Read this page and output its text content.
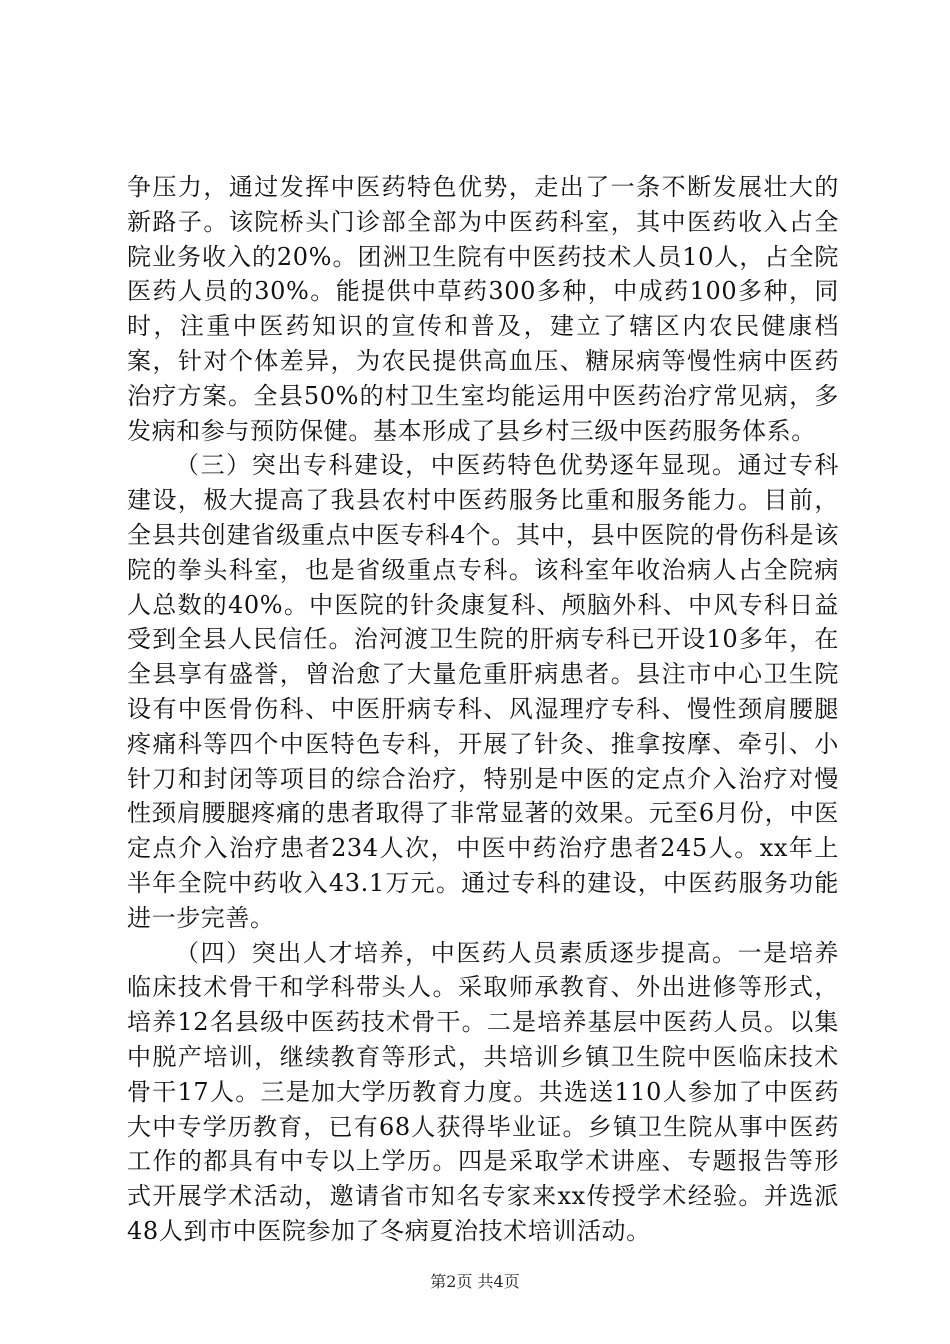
争压力，通过发挥中医药特色优势，走出了一条不断发展壮大的新路子。该院桥头门诊部全部为中医药科室，其中医药收入占全院业务收入的20%。团洲卫生院有中医药技术人员10人，占全院医药人员的30%。能提供中草药300多种，中成药100多种，同时，注重中医药知识的宣传和普及，建立了辖区内农民健康档案，针对个体差异，为农民提供高血压、糖尿病等慢性病中医药治疗方案。全县50%的村卫生室均能运用中医药治疗常见病，多发病和参与预防保健。基本形成了县乡村三级中医药服务体系。

（三）突出专科建设，中医药特色优势逐年显现。通过专科建设，极大提高了我县农村中医药服务比重和服务能力。目前，全县共创建省级重点中医专科4个。其中，县中医院的骨伤科是该院的拳头科室，也是省级重点专科。该科室年收治病人占全院病人总数的40%。中医院的针灸康复科、颅脑外科、中风专科日益受到全县人民信任。治河渡卫生院的肝病专科已开设10多年，在全县享有盛誉，曾治愈了大量危重肝病患者。县注市中心卫生院设有中医骨伤科、中医肝病专科、风湿理疗专科、慢性颈肩腰腿疼痛科等四个中医特色专科，开展了针灸、推拿按摩、牵引、小针刀和封闭等项目的综合治疗，特别是中医的定点介入治疗对慢性颈肩腰腿疼痛的患者取得了非常显著的效果。元至6月份，中医定点介入治疗患者234人次，中医中药治疗患者245人。xx年上半年全院中药收入43.1万元。通过专科的建设，中医药服务功能进一步完善。

（四）突出人才培养，中医药人员素质逐步提高。一是培养临床技术骨干和学科带头人。采取师承教育、外出进修等形式，培养12名县级中医药技术骨干。二是培养基层中医药人员。以集中脱产培训，继续教育等形式，共培训乡镇卫生院中医临床技术骨干17人。三是加大学历教育力度。共选送110人参加了中医药大中专学历教育，已有68人获得毕业证。乡镇卫生院从事中医药工作的都具有中专以上学历。四是采取学术讲座、专题报告等形式开展学术活动，邀请省市知名专家来xx传授学术经验。并选派48人到市中医院参加了冬病夏治技术培训活动。

第2页 共4页
